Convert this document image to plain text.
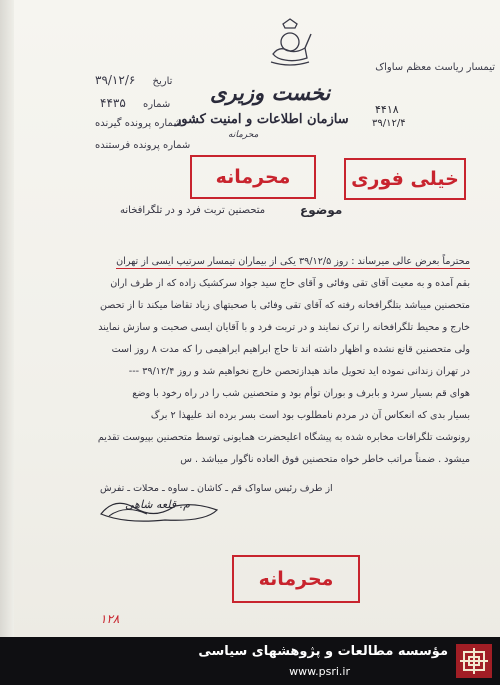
تاریخ ۳۹/۱۲/۶
شماره ۴۴۳۵
شماره پرونده گیرنده
شماره پرونده فرستنده
نخست وزیری
سازمان اطلاعات و امنیت کشور
محرمانه
تیمسار ریاست معظم ساواک
۴۴۱۸
۳۹/۱۲/۴
محرمانه	خیلی فوری
محرمانه
موضوع
متحصنین تربت فرد و در تلگرافخانه
محترماً بعرض عالی میرساند : روز ۳۹/۱۲/۵ یکی از بیماران تیمسار سرتیپ ایسی از تهران
بقم آمده و به معیت آقای تقی وفائی و آقای حاج سید جواد سرکشیک زاده که از طرف اران
متحصنین میباشد بتلگرافخانه رفته که آقای تقی وفائی با صحبتهای زیاد تقاضا میکند تا از تحصن
خارج و محیط تلگرافخانه را ترک نمایند و در تربت فرد و با آقایان ایسی صحبت و سازش نمایند
ولی متحصنین قانع نشده و اظهار داشته اند تا حاج ابراهیم ابراهیمی را که مدت ۸ روز است
در تهران زندانی نموده اید تحویل ماند هیدازتحصن خارج نخواهیم شد و روز ۳۹/۱۲/۴ ---
هوای قم بسیار سرد و بابرف و بوران توأم بود و متحصنین شب را در راه رخود با وضع
بسیار بدی که انعکاس آن در مردم نامطلوب بود است بسر برده اند علیهذا ۲ برگ
رونوشت تلگرافات مخابره شده به پیشگاه اعلیحضرت همایونی توسط متحصنین بپیوست تقدیم
میشود . ضمناً مراتب خاطر خواه متحصنین فوق العاده ناگوار میباشد . س
از طرف رئیس ساواک قم ـ کاشان ـ ساوه ـ محلات ـ تفرش
م. قلعه شاهی
۱۲۸
مؤسسه مطالعات و پژوهشهای سیاسی
www.psri.ir
